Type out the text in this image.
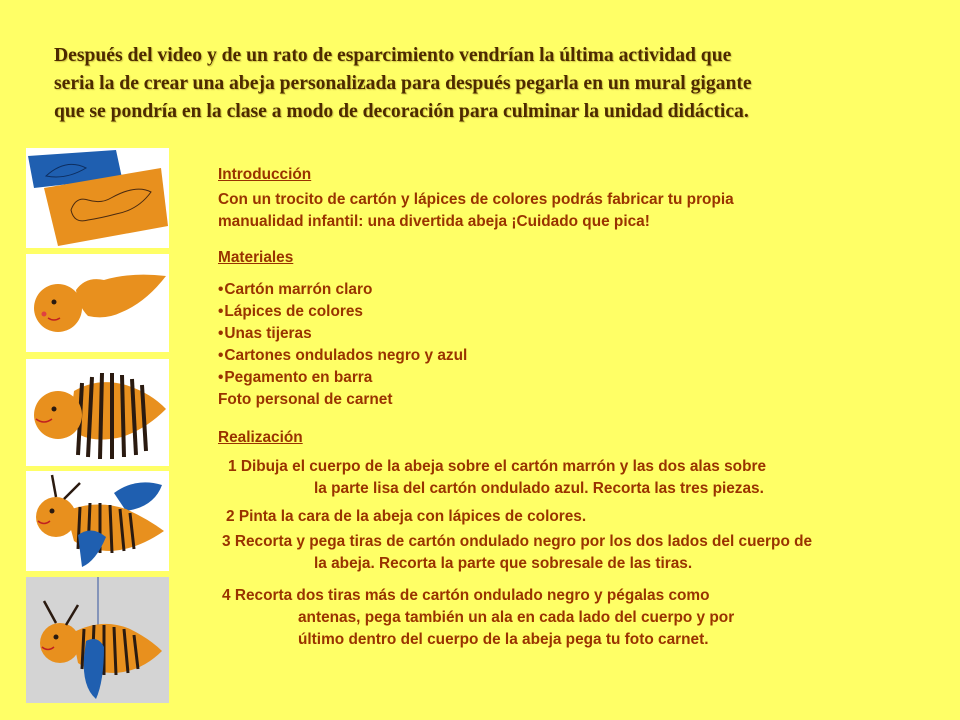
Después del video y de un rato de esparcimiento vendrían la última actividad que
seria la de crear una abeja personalizada para después pegarla en un mural gigante
que se pondría en la clase a modo de decoración para culminar la unidad didáctica.
Introducción
Con un trocito de cartón y lápices de colores podrás fabricar tu propia
manualidad infantil: una divertida abeja ¡Cuidado que pica!
Materiales
• Cartón marrón claro
• Lápices de colores
• Unas tijeras
• Cartones ondulados negro y azul
• Pegamento en barra
Foto personal de carnet
Realización
1 Dibuja el cuerpo de la abeja sobre el cartón marrón y las dos alas sobre
la parte lisa del cartón ondulado azul. Recorta las tres piezas.
2 Pinta la cara de la abeja con lápices de colores.
3 Recorta y pega tiras de cartón ondulado negro por los dos lados del cuerpo de
la abeja. Recorta la parte que sobresale de las tiras.
4 Recorta dos tiras más de cartón ondulado negro y pégalas como
antenas, pega también un ala en cada lado del cuerpo y por
último dentro del cuerpo de la abeja pega tu foto carnet.
